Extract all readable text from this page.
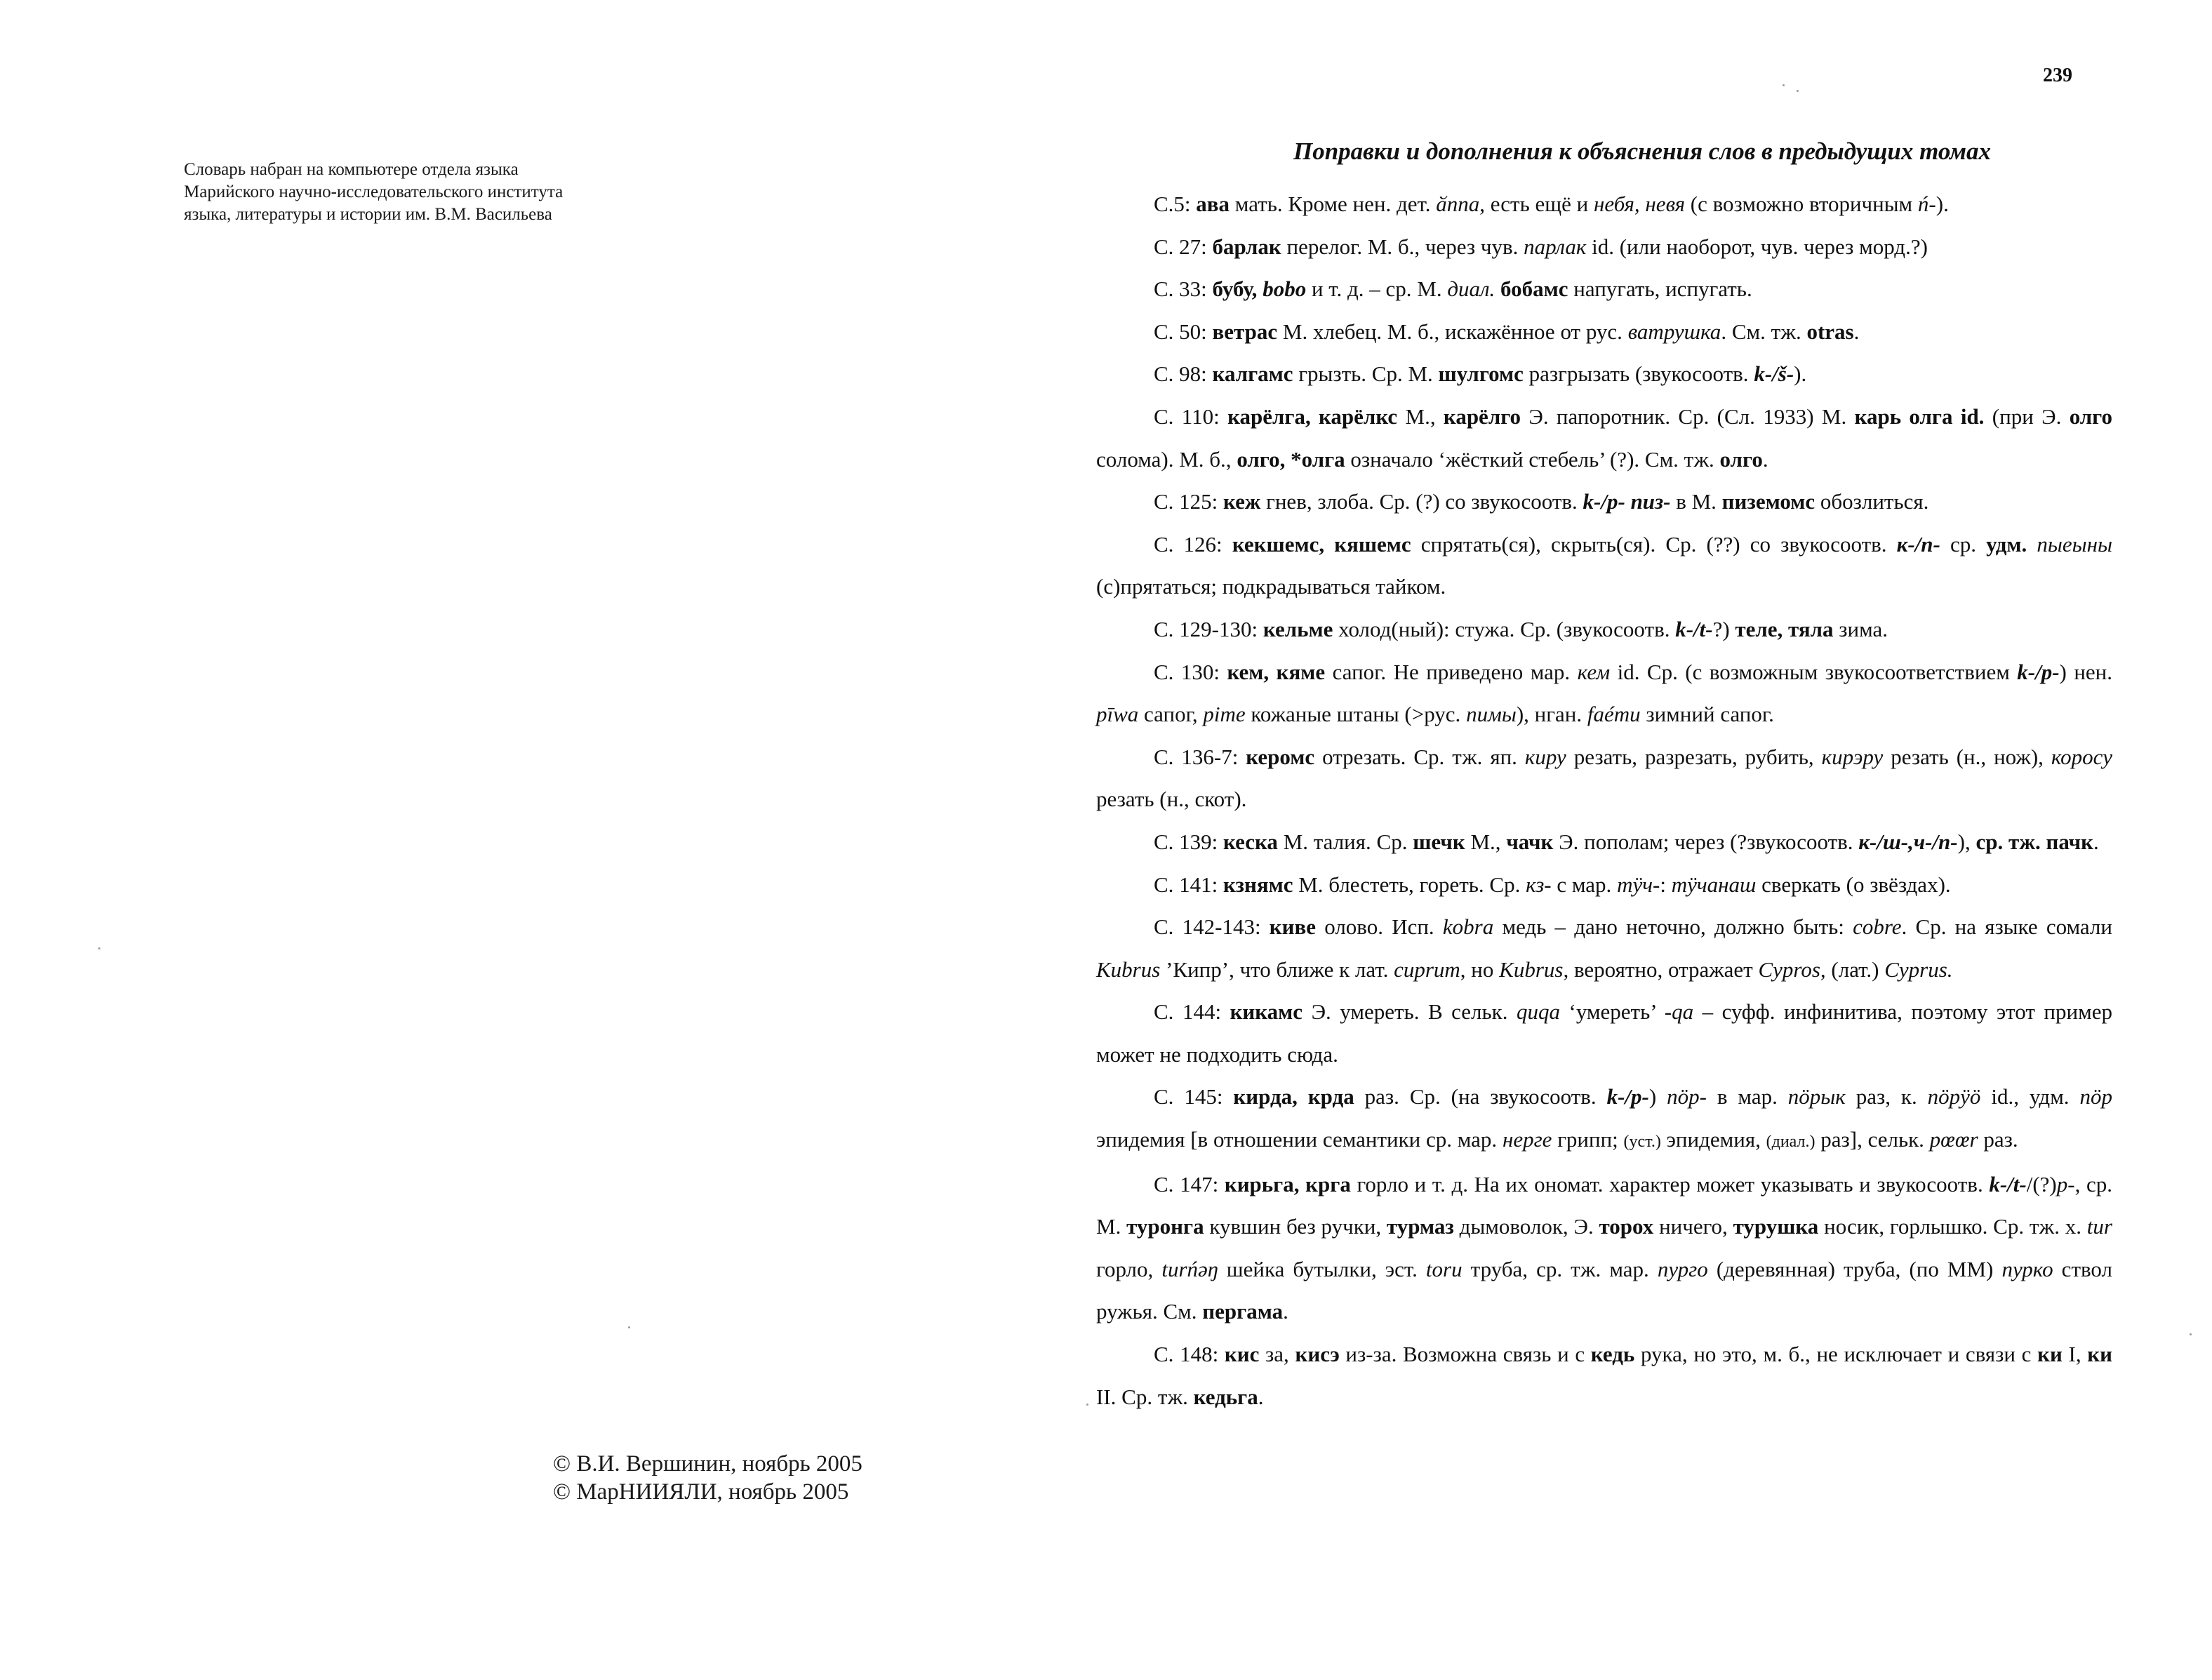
Словарь набран на компьютере отдела языка
Марийского научно-исследовательского института
языка, литературы и истории им. В.М. Васильева
© В.И. Вершинин, ноябрь 2005
© МарНИИЯЛИ, ноябрь 2005
239
Поправки и дополнения к объяснения слов в предыдущих томах

С.5: ава мать. Кроме нен. дет. ӑппа, есть ещё и небя, невя (с возможно вторичным ń-).

С. 27: барлак перелог. М. б., через чув. парлак id. (или наоборот, чув. через морд.?)

С. 33: бубу, bobo и т. д. – ср. М. диал. бобамс напугать, испугать.

С. 50: ветрас М. хлебец. М. б., искажённое от рус. ватрушка. См. тж. otras.

С. 98: калгамс грызть. Ср. М. шулгомс разгрызать (звукосоотв. k-/š-).

С. 110: карёлга, карёлкс М., карёлго Э. папоротник. Ср. (Сл. 1933) М. карь олга id. (при Э. олго солома). М. б., олго, *олга означало ‘жёсткий стебель’ (?). См. тж. олго.

С. 125: кеж гнев, злоба. Ср. (?) со звукосоотв. k-/p- пиз- в М. пиземомс обозлиться.

С. 126: кекшемс, кяшемс спрятать(ся), скрыть(ся). Ср. (??) со звукосоотв. к-/п- ср. удм. пыеыны (с)прятаться; подкрадываться тайком.

С. 129-130: кельме холод(ный): стужа. Ср. (звукосоотв. k-/t-?) теле, тяла зима.

С. 130: кем, кяме сапог. Не приведено мар. кем id. Ср. (с возможным звукосоответствием k-/p-) нен. pīwa сапог, pime кожаные штаны (>рус. пимы), нган. faéти зимний сапог.

С. 136-7: керомс отрезать. Ср. тж. яп. киру резать, разрезать, рубить, кирэру резать (н., нож), коросу резать (н., скот).

С. 139: кеска М. талия. Ср. шечк М., чачк Э. пополам; через (?звукосоотв. к-/ш-,ч-/п-), ср. тж. пачк.

С. 141: кзнямс М. блестеть, гореть. Ср. кз- с мар. тӱч-: тӱчанаш сверкать (о звёздах).

С. 142-143: киве олово. Исп. kobra медь – дано неточно, должно быть: cobre. Ср. на языке сомали Kubrus ’Кипр’, что ближе к лат. cuprum, но Kubrus, вероятно, отражает Cypros, (лат.) Cyprus.

С. 144: кикамс Э. умереть. В сельк. quqa ‘умереть’ -qa – суфф. инфинитива, поэтому этот пример может не подходить сюда.

С. 145: кирда, крда раз. Ср. (на звукосоотв. k-/p-) пӧр- в мар. пӧрык раз, к. пӧрӱӧ id., удм. пӧр эпидемия [в отношении семантики ср. мар. нерге грипп; (уст.) эпидемия, (диал.) раз], сельк. pœœr раз.

С. 147: кирьга, крга горло и т. д. На их ономат. характер может указывать и звукосоотв. k-/t-/(?)p-, ср. М. туронга кувшин без ручки, турмаз дымоволок, Э. торох ничего, турушка носик, горлышко. Ср. тж. х. tur горло, turńəŋ шейка бутылки, эст. toru труба, ср. тж. мар. пурго (деревянная) труба, (по ММ) пурко ствол ружья. См. пергама.

С. 148: кис за, кисэ из-за. Возможна связь и с кедь рука, но это, м. б., не исключает и связи с ки I, ки II. Ср. тж. кедьга.
